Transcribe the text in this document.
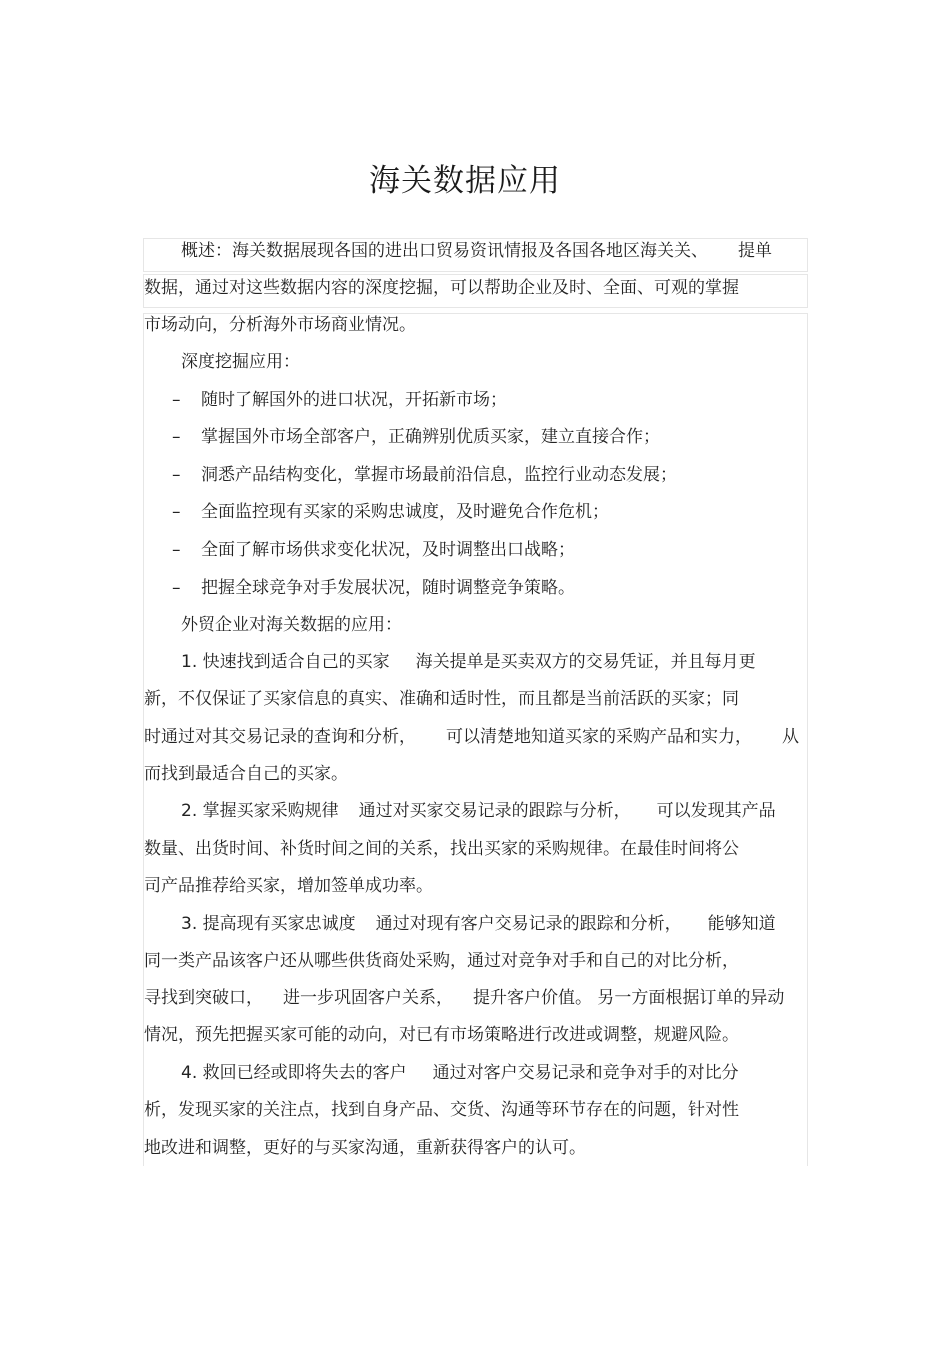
海关数据应用
概述：海关数据展现各国的进出口贸易资讯情报及各国各地区海关关、 提单
数据，通过对这些数据内容的深度挖掘，可以帮助企业及时、全面、可观的掌握
市场动向，分析海外市场商业情况。
深度挖掘应用：
– 随时了解国外的进口状况，开拓新市场；
– 掌握国外市场全部客户，正确辨别优质买家，建立直接合作；
– 洞悉产品结构变化，掌握市场最前沿信息，监控行业动态发展；
– 全面监控现有买家的采购忠诚度，及时避免合作危机；
– 全面了解市场供求变化状况，及时调整出口战略；
– 把握全球竞争对手发展状况，随时调整竞争策略。
外贸企业对海关数据的应用：
1. 快速找到适合自己的买家 海关提单是买卖双方的交易凭证，并且每月更
新，不仅保证了买家信息的真实、准确和适时性，而且都是当前活跃的买家；同
时通过对其交易记录的查询和分析， 可以清楚地知道买家的采购产品和实力， 从
而找到最适合自己的买家。
2. 掌握买家采购规律 通过对买家交易记录的跟踪与分析， 可以发现其产品
数量、出货时间、补货时间之间的关系，找出买家的采购规律。在最佳时间将公
司产品推荐给买家，增加签单成功率。
3. 提高现有买家忠诚度 通过对现有客户交易记录的跟踪和分析， 能够知道
同一类产品该客户还从哪些供货商处采购，通过对竞争对手和自己的对比分析，
寻找到突破口， 进一步巩固客户关系， 提升客户价值。 另一方面根据订单的异动
情况，预先把握买家可能的动向，对已有市场策略进行改进或调整，规避风险。
4. 救回已经或即将失去的客户 通过对客户交易记录和竞争对手的对比分
析，发现买家的关注点，找到自身产品、交货、沟通等环节存在的问题，针对性
地改进和调整，更好的与买家沟通，重新获得客户的认可。
